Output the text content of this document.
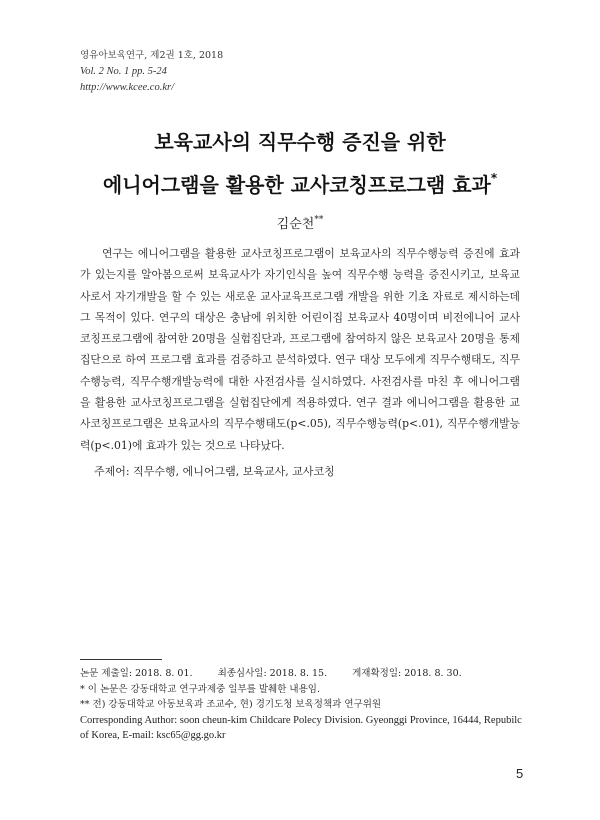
영유아보육연구, 제2권 1호, 2018
Vol. 2 No. 1 pp. 5-24
http://www.kcee.co.kr/
보육교사의 직무수행 증진을 위한
에니어그램을 활용한 교사코칭프로그램 효과*
김순천**

연구는 에니어그램을 활용한 교사코칭프로그램이 보육교사의 직무수행능력 증진에 효과가 있는지를 알아봄으로써 보육교사가 자기인식을 높여 직무수행 능력을 증진시키고, 보육교사로서 자기개발을 할 수 있는 새로운 교사교육프로그램 개발을 위한 기초 자료로 제시하는데 그 목적이 있다. 연구의 대상은 충남에 위치한 어린이집 보육교사 40명이며 비전에니어 교사코칭프로그램에 참여한 20명을 실험집단과, 프로그램에 참여하지 않은 보육교사 20명을 통제집단으로 하여 프로그램 효과를 검증하고 분석하였다. 연구 대상 모두에게 직무수행태도, 직무수행능력, 직무수행개발능력에 대한 사전검사를 실시하였다. 사전검사를 마친 후 에니어그램을 활용한 교사코칭프로그램을 실험집단에게 적용하였다. 연구 결과 에니어그램을 활용한 교사코칭프로그램은 보육교사의 직무수행태도(p<.05), 직무수행능력(p<.01), 직무수행개발능력(p<.01)에 효과가 있는 것으로 나타났다.

주제어: 직무수행, 에니어그램, 보육교사, 교사코칭
논문 제출일: 2018. 8. 01.	최종심사일: 2018. 8. 15.	게재확정일: 2018. 8. 30.
* 이 논문은 강동대학교 연구과제중 일부를 발췌한 내용임.
** 전) 강동대학교 아동보육과 조교수, 현) 경기도청 보육정책과 연구위원
Corresponding Author: soon cheun-kim Childcare Polecy Division. Gyeonggi Province, 16444, Repubilc of Korea, E-mail: ksc65@gg.go.kr
5
